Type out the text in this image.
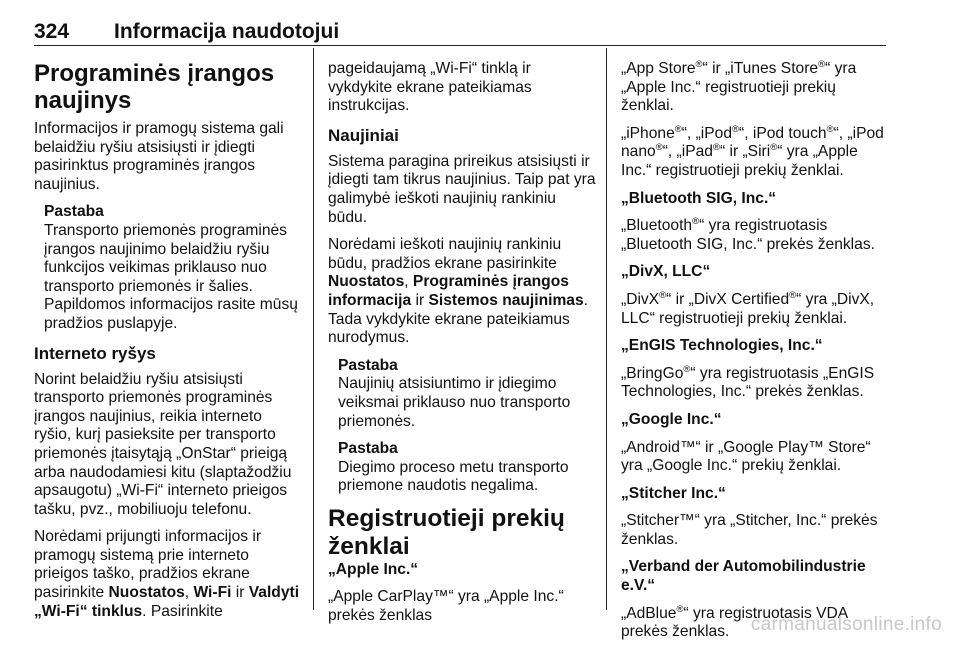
324 Informacija naudotojui
Programinės įrangos naujinys

Informacijos ir pramogų sistema gali belaidžiu ryšiu atsisiųsti ir įdiegti pasirinktus programinės įrangos naujinius.

Pastaba

Transporto priemonės programinės įrangos naujinimo belaidžiu ryšiu funkcijos veikimas priklauso nuo transporto priemonės ir šalies. Papildomos informacijos rasite mūsų pradžios puslapyje.

Interneto ryšys

Norint belaidžiu ryšiu atsisiųsti transporto priemonės programinės įrangos naujinius, reikia interneto ryšio, kurį pasieksite per transporto priemonės įtaisytąją „OnStar“ prieigą arba naudodamiesi kitu (slaptažodžiu apsaugotu) „Wi-Fi“ interneto prieigos tašku, pvz., mobiliuoju telefonu.

Norėdami prijungti informacijos ir pramogų sistemą prie interneto prieigos taško, pradžios ekrane pasirinkite Nuostatos, Wi-Fi ir Valdyti „Wi-Fi“ tinklus. Pasirinkite

pageidaujamą „Wi-Fi“ tinklą ir vykdykite ekrane pateikiamas instrukcijas.

Naujiniai

Sistema paragina prireikus atsisiųsti ir įdiegti tam tikrus naujinius. Taip pat yra galimybė ieškoti naujinių rankiniu būdu.

Norėdami ieškoti naujinių rankiniu būdu, pradžios ekrane pasirinkite Nuostatos, Programinės įrangos informacija ir Sistemos naujinimas. Tada vykdykite ekrane pateikiamus nurodymus.

Pastaba

Naujinių atsisiuntimo ir įdiegimo veiksmai priklauso nuo transporto priemonės.

Pastaba

Diegimo proceso metu transporto priemone naudotis negalima.

Registruotieji prekių ženklai

„Apple Inc.“

„Apple CarPlay™“ yra „Apple Inc.“ prekės ženklas

„App Store®“ ir „iTunes Store®“ yra „Apple Inc.“ registruotieji prekių ženklai.

„iPhone®“, „iPod®“, iPod touch®“, „iPod nano®“, „iPad®“ ir „Siri®“ yra „Apple Inc.“ registruotieji prekių ženklai.

„Bluetooth SIG, Inc.“

„Bluetooth®“ yra registruotasis „Bluetooth SIG, Inc.“ prekės ženklas.

„DivX, LLC“

„DivX®“ ir „DivX Certified®“ yra „DivX, LLC“ registruotieji prekių ženklai.

„EnGIS Technologies, Inc.“

„BringGo®“ yra registruotasis „EnGIS Technologies, Inc.“ prekės ženklas.

„Google Inc.“

„Android™“ ir „Google Play™ Store“ yra „Google Inc.“ prekių ženklai.

„Stitcher Inc.“

„Stitcher™“ yra „Stitcher, Inc.“ prekės ženklas.

„Verband der Automobilindustrie e.V.“

„AdBlue®“ yra registruotasis VDA prekės ženklas.	carmanualsonline.info
